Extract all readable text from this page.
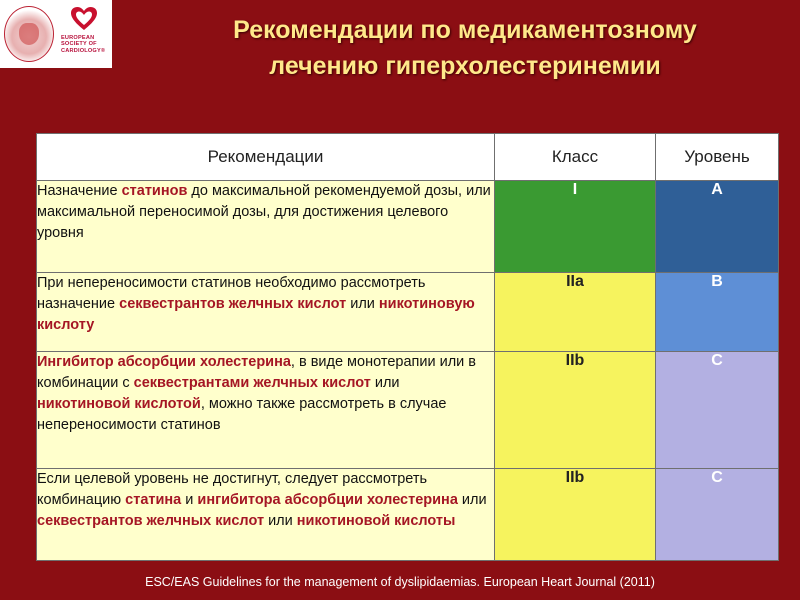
EUROPEAN
SOCIETY OF
CARDIOLOGY®
Рекомендации по медикаментозному
лечению гиперхолестеринемии
Рекомендации	Класс	Уровень
Назначение статинов до максимальной рекомендуемой дозы, или максимальной переносимой дозы, для достижения целевого уровня	I	A
При непереносимости статинов необходимо рассмотреть назначение секвестрантов желчных кислот или никотиновую кислоту	IIa	B
Ингибитор абсорбции холестерина, в виде монотерапии или в комбинации с секвестрантами желчных кислот или никотиновой кислотой, можно также рассмотреть в случае непереносимости статинов	IIb	C
Если целевой уровень не достигнут, следует рассмотреть комбинацию статина и ингибитора абсорбции холестерина или секвестрантов желчных кислот или никотиновой кислоты	IIb	C
ESC/EAS Guidelines for the management of dyslipidaemias. European Heart Journal (2011)
